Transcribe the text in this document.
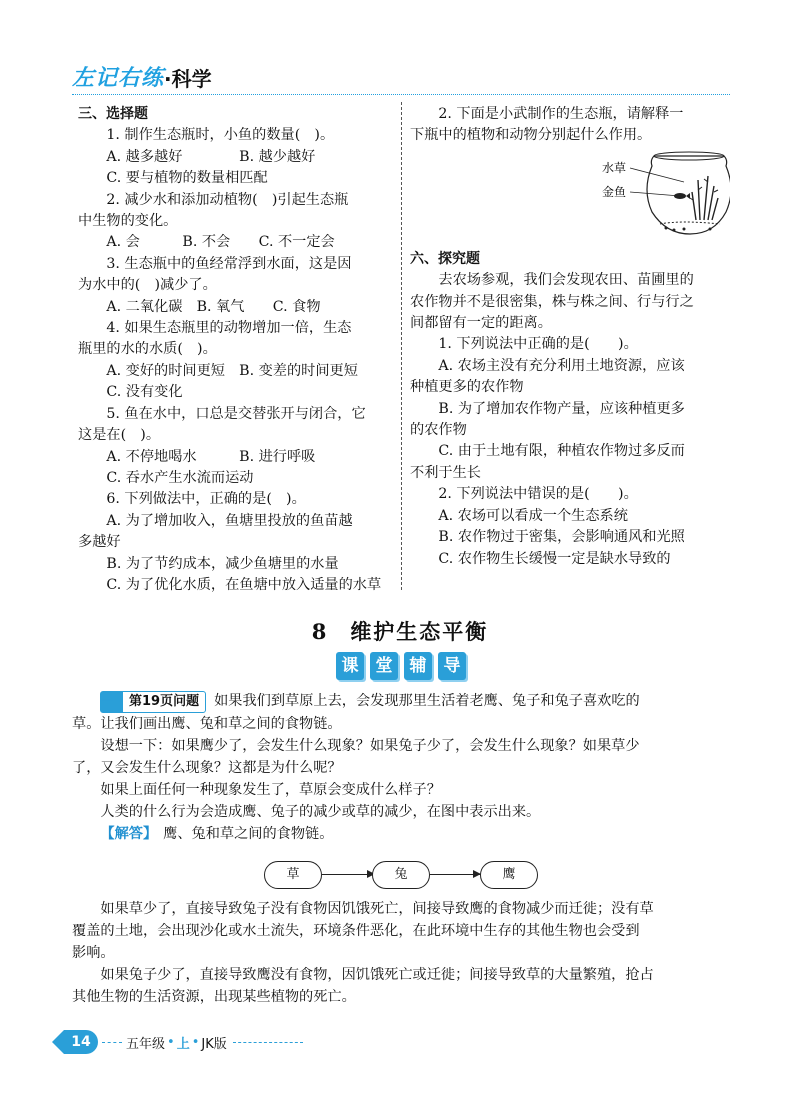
左记右练 ·科学

三、选择题

1. 制作生态瓶时，小鱼的数量(　)。

A. 越多越好　　　　B. 越少越好

C. 要与植物的数量相匹配

2. 减少水和添加动植物(　)引起生态瓶

中生物的变化。

A. 会　　　B. 不会　　C. 不一定会

3. 生态瓶中的鱼经常浮到水面，这是因

为水中的(　)减少了。

A. 二氧化碳　B. 氧气　　C. 食物

4. 如果生态瓶里的动物增加一倍，生态

瓶里的水的水质(　)。

A. 变好的时间更短　B. 变差的时间更短

C. 没有变化

5. 鱼在水中，口总是交替张开与闭合，它

这是在(　)。

A. 不停地喝水　　　B. 进行呼吸

C. 吞水产生水流而运动

6. 下列做法中，正确的是(　)。

A. 为了增加收入，鱼塘里投放的鱼苗越

多越好

B. 为了节约成本，减少鱼塘里的水量

C. 为了优化水质，在鱼塘中放入适量的水草

2. 下面是小武制作的生态瓶，请解释一

下瓶中的植物和动物分别起什么作用。

六、探究题

去农场参观，我们会发现农田、苗圃里的

农作物并不是很密集，株与株之间、行与行之

间都留有一定的距离。

1. 下列说法中正确的是(　　)。

A. 农场主没有充分利用土地资源，应该

种植更多的农作物

B. 为了增加农作物产量，应该种植更多

的农作物

C. 由于土地有限，种植农作物过多反而

不利于生长

2. 下列说法中错误的是(　　)。

A. 农场可以看成一个生态系统

B. 农作物过于密集，会影响通风和光照

C. 农作物生长缓慢一定是缺水导致的

水草
金鱼
8 维护生态平衡
课	堂	辅	导

一 第19页问题 如果我们到草原上去，会发现那里生活着老鹰、兔子和兔子喜欢吃的

草。让我们画出鹰、兔和草之间的食物链。

设想一下：如果鹰少了，会发生什么现象？如果兔子少了，会发生什么现象？如果草少

了，又会发生什么现象？这都是为什么呢？

如果上面任何一种现象发生了，草原会变成什么样子？

人类的什么行为会造成鹰、兔子的减少或草的减少，在图中表示出来。

【解答】 鹰、兔和草之间的食物链。

草	兔	鹰

如果草少了，直接导致兔子没有食物因饥饿死亡，间接导致鹰的食物减少而迁徙；没有草

覆盖的土地，会出现沙化或水土流失，环境条件恶化，在此环境中生存的其他生物也会受到

影响。

如果兔子少了，直接导致鹰没有食物，因饥饿死亡或迁徙；间接导致草的大量繁殖，抢占

其他生物的生活资源，出现某些植物的死亡。

14	五年级 • 上 • JK版
